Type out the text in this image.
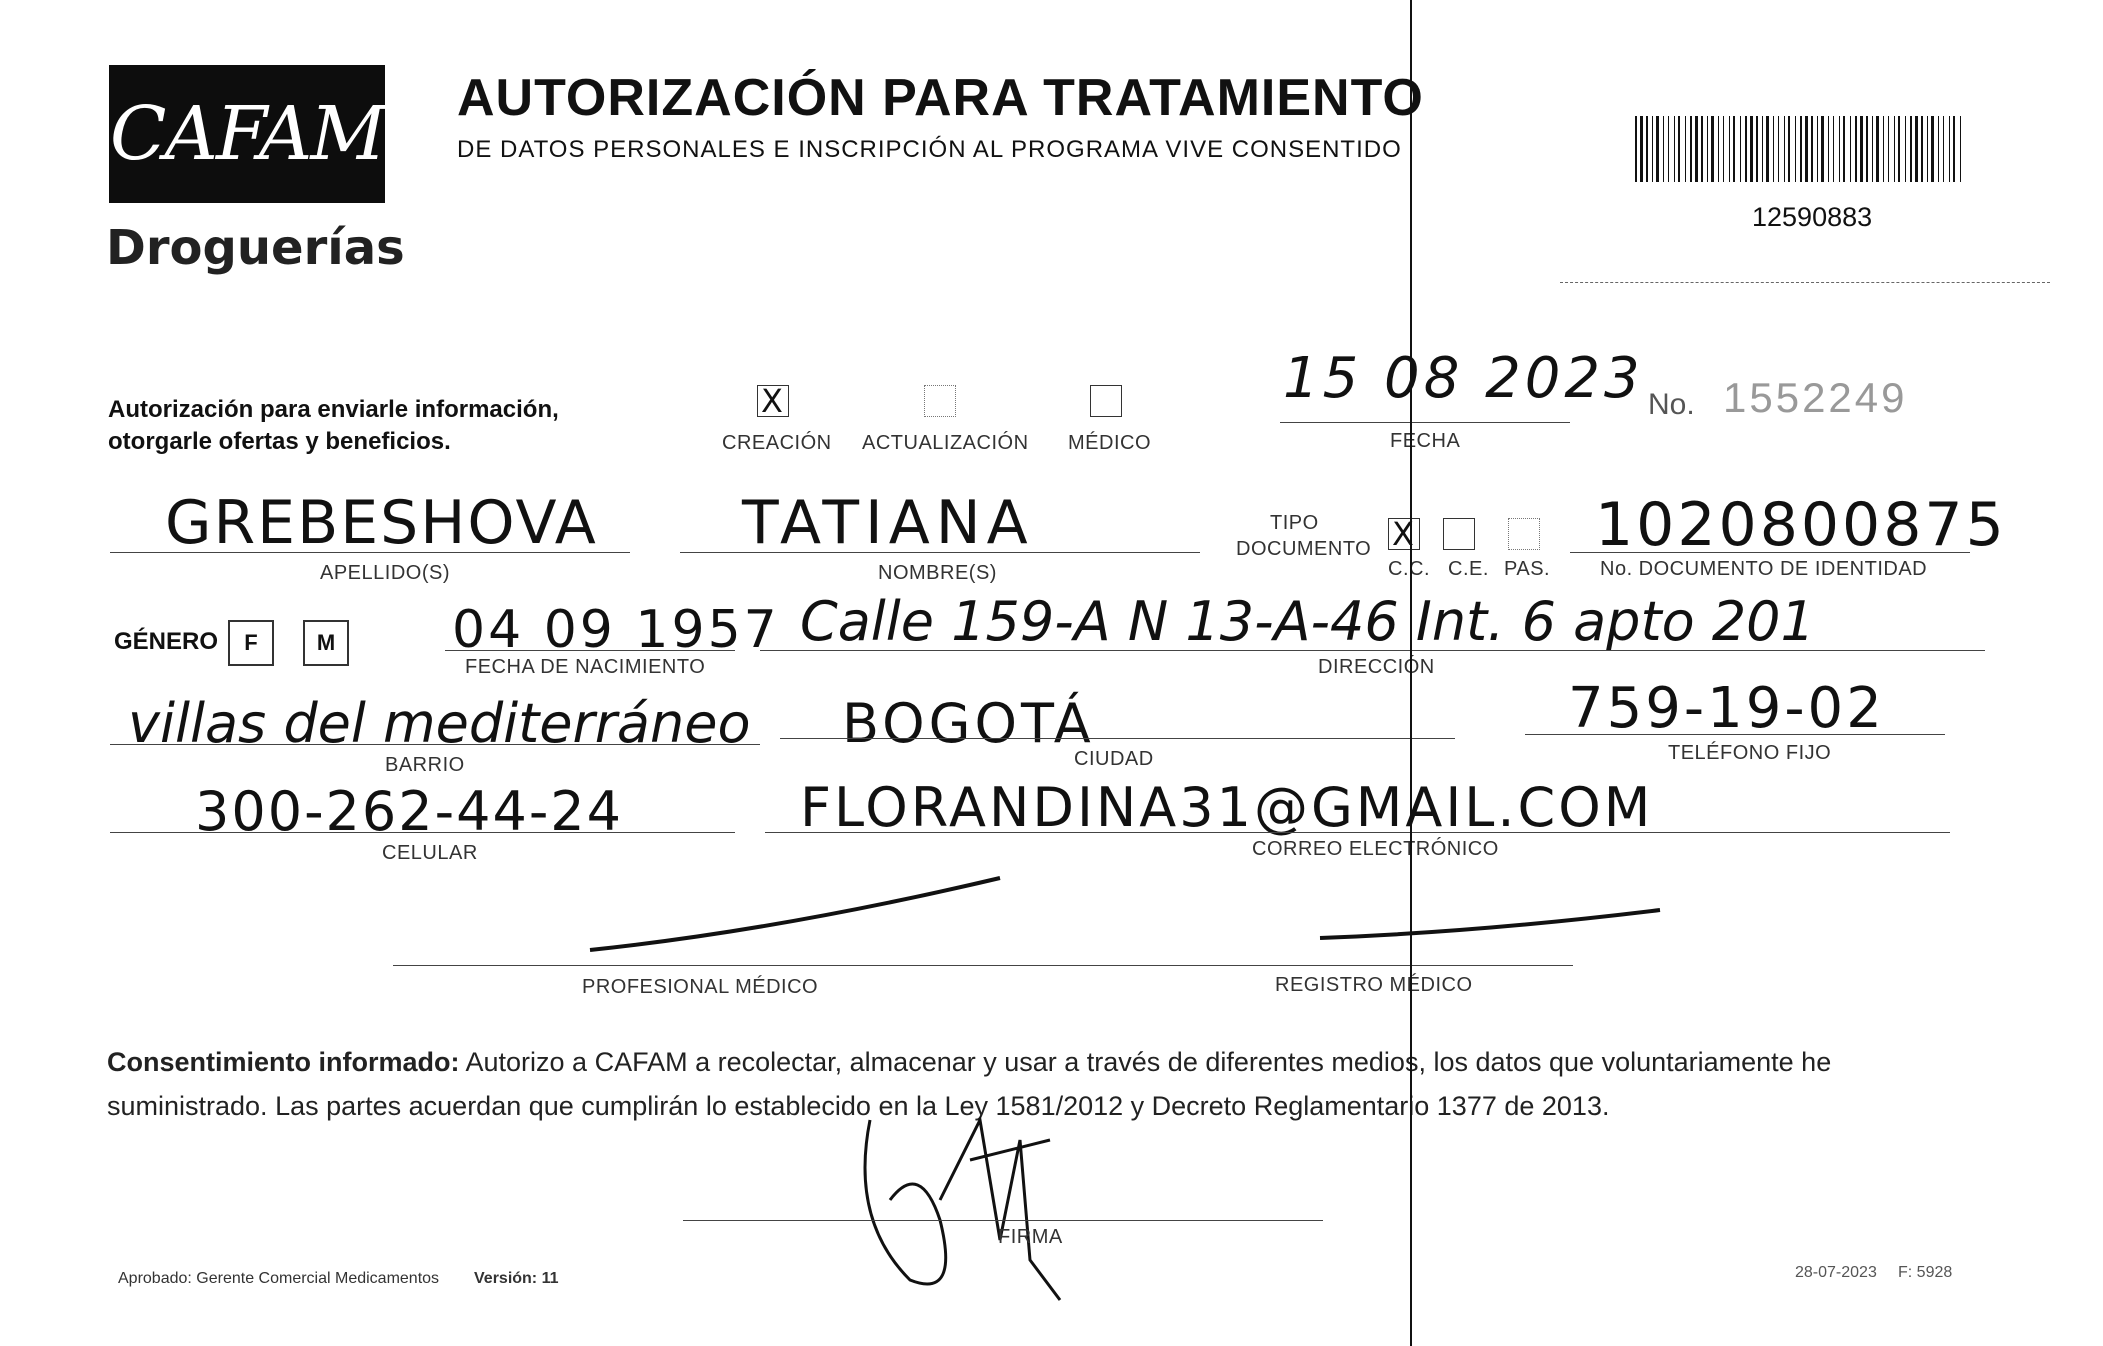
CAFAM
Droguerías
AUTORIZACIÓN PARA TRATAMIENTO
DE DATOS PERSONALES E INSCRIPCIÓN AL PROGRAMA VIVE CONSENTIDO
12590883
Autorización para enviarle información,
otorgarle ofertas y beneficios.
X
CREACIÓN ACTUALIZACIÓN MÉDICO
15 08 2023
FECHA
No. 1552249
GREBESHOVA
APELLIDO(S)
TATIANA
NOMBRE(S)
TIPO
DOCUMENTO X
C.C. C.E. PAS.
1020800875
No. DOCUMENTO DE IDENTIDAD
GÉNERO	F	M 04 09 1957
FECHA DE NACIMIENTO
Calle 159-A N 13-A-46 Int. 6 apto 201
DIRECCIÓN
villas del mediterráneo
BARRIO
BOGOTÁ
CIUDAD
759-19-02
TELÉFONO FIJO
300-262-44-24
CELULAR
FLORANDINA31@GMAIL.COM
CORREO ELECTRÓNICO
PROFESIONAL MÉDICO	REGISTRO MÉDICO
Consentimiento informado: Autorizo a CAFAM a recolectar, almacenar y usar a través de diferentes medios, los datos que voluntariamente he suministrado. Las partes acuerdan que cumplirán lo establecido en la Ley 1581/2012 y Decreto Reglamentario 1377 de 2013.
FIRMA
Aprobado: Gerente Comercial Medicamentos Versión: 11	28-07-2023 F: 5928
